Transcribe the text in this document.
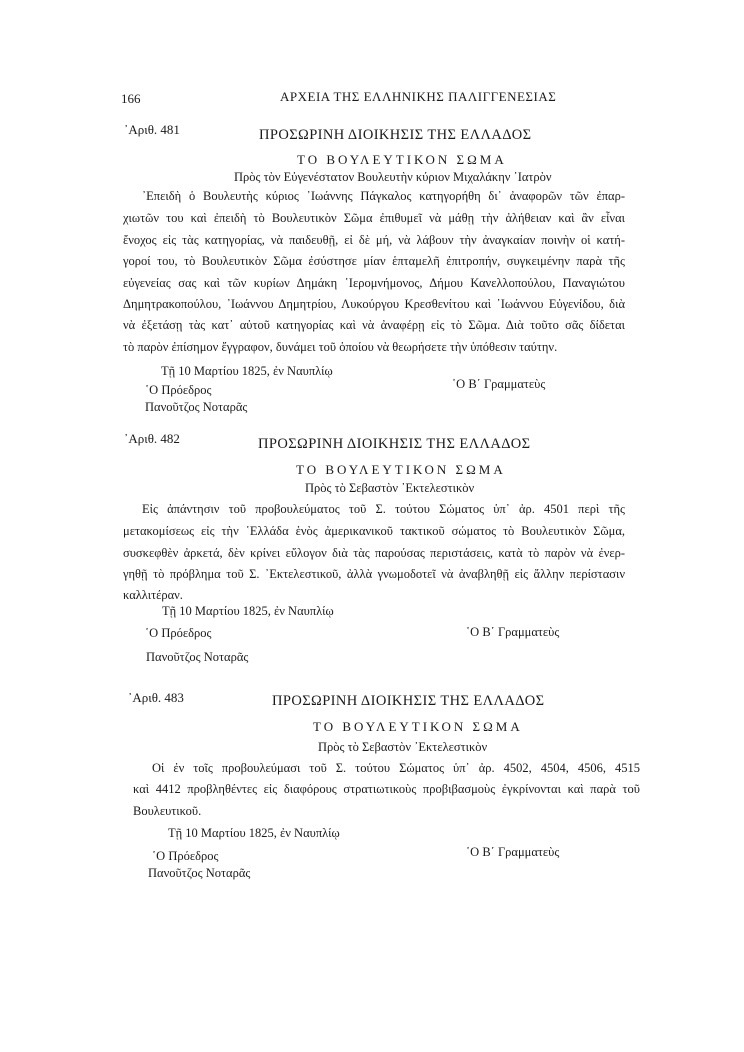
166	ΑΡΧΕΙΑ ΤΗΣ ΕΛΛΗΝΙΚΗΣ ΠΑΛΙΓΓΕΝΕΣΙΑΣ
᾿Αριθ. 481	ΠΡΟΣΩΡΙΝΗ ΔΙΟΙΚΗΣΙΣ ΤΗΣ ΕΛΛΑΔΟΣ
ΤΟ ΒΟΥΛΕΥΤΙΚΟΝ ΣΩΜΑ
Πρὸς τὸν Εὐγενέστατον Βουλευτὴν κύριον Μιχαλάκην ᾿Ιατρὸν
᾿Επειδὴ ὁ Βουλευτὴς κύριος ᾿Ιωάννης Πάγκαλος κατηγορήθη δι᾿ ἀναφορῶν τῶν ἐπαρ-
χιωτῶν του καὶ ἐπειδὴ τὸ Βουλευτικὸν Σῶμα ἐπιθυμεῖ νὰ μάθῃ τὴν ἀλήθειαν καὶ ἂν εἶναι
ἔνοχος εἰς τὰς κατηγορίας, νὰ παιδευθῇ, εἰ δὲ μή, νὰ λάβουν τὴν ἀναγκαίαν ποινὴν οἱ κατή-
γοροί του, τὸ Βουλευτικὸν Σῶμα ἐσύστησε μίαν ἑπταμελῆ ἐπιτροπήν, συγκειμένην παρὰ τῆς
εὐγενείας σας καὶ τῶν κυρίων Δημάκη ῾Ιερομνήμονος, Δήμου Κανελλοπούλου, Παναγιώτου
Δημητρακοπούλου, ᾿Ιωάννου Δημητρίου, Λυκούργου Κρεσθενίτου καὶ ᾿Ιωάννου Εὐγενίδου, διὰ
νὰ ἐξετάσῃ τὰς κατ᾿ αὐτοῦ κατηγορίας καὶ νὰ ἀναφέρῃ εἰς τὸ Σῶμα. Διὰ τοῦτο σᾶς δίδεται
τὸ παρὸν ἐπίσημον ἔγγραφον, δυνάμει τοῦ ὁποίου νὰ θεωρήσετε τὴν ὑπόθεσιν ταύτην.
Τῇ 10 Μαρτίου 1825, ἐν Ναυπλίῳ
῾Ο Πρόεδρος	῾Ο Β΄ Γραμματεὺς
Πανοῦτζος Νοταρᾶς
᾿Αριθ. 482	ΠΡΟΣΩΡΙΝΗ ΔΙΟΙΚΗΣΙΣ ΤΗΣ ΕΛΛΑΔΟΣ
ΤΟ ΒΟΥΛΕΥΤΙΚΟΝ ΣΩΜΑ
Πρὸς τὸ Σεβαστὸν ᾿Εκτελεστικὸν
Εἰς ἀπάντησιν τοῦ προβουλεύματος τοῦ Σ. τούτου Σώματος ὑπ᾿ ἀρ. 4501 περὶ τῆς
μετακομίσεως εἰς τὴν ῾Ελλάδα ἑνὸς ἀμερικανικοῦ τακτικοῦ σώματος τὸ Βουλευτικὸν Σῶμα,
συσκεφθὲν ἀρκετά, δὲν κρίνει εὔλογον διὰ τὰς παρούσας περιστάσεις, κατὰ τὸ παρὸν νὰ ἐνερ-
γηθῇ τὸ πρόβλημα τοῦ Σ. ᾿Εκτελεστικοῦ, ἀλλὰ γνωμοδοτεῖ νὰ ἀναβληθῇ εἰς ἄλλην περίστασιν
καλλιτέραν.
Τῇ 10 Μαρτίου 1825, ἐν Ναυπλίῳ
῾Ο Πρόεδρος	῾Ο Β΄ Γραμματεὺς
Πανοῦτζος Νοταρᾶς
᾿Αριθ. 483	ΠΡΟΣΩΡΙΝΗ ΔΙΟΙΚΗΣΙΣ ΤΗΣ ΕΛΛΑΔΟΣ
ΤΟ ΒΟΥΛΕΥΤΙΚΟΝ ΣΩΜΑ
Πρὸς τὸ Σεβαστὸν ᾿Εκτελεστικὸν
Οἱ ἐν τοῖς προβουλεύμασι τοῦ Σ. τούτου Σώματος ὑπ᾿ ἀρ. 4502, 4504, 4506, 4515
καὶ 4412 προβληθέντες εἰς διαφόρους στρατιωτικοὺς προβιβασμοὺς ἐγκρίνονται καὶ παρὰ τοῦ
Βουλευτικοῦ.
Τῇ 10 Μαρτίου 1825, ἐν Ναυπλίῳ
῾Ο Πρόεδρος	῾Ο Β΄ Γραμματεὺς
Πανοῦτζος Νοταρᾶς
